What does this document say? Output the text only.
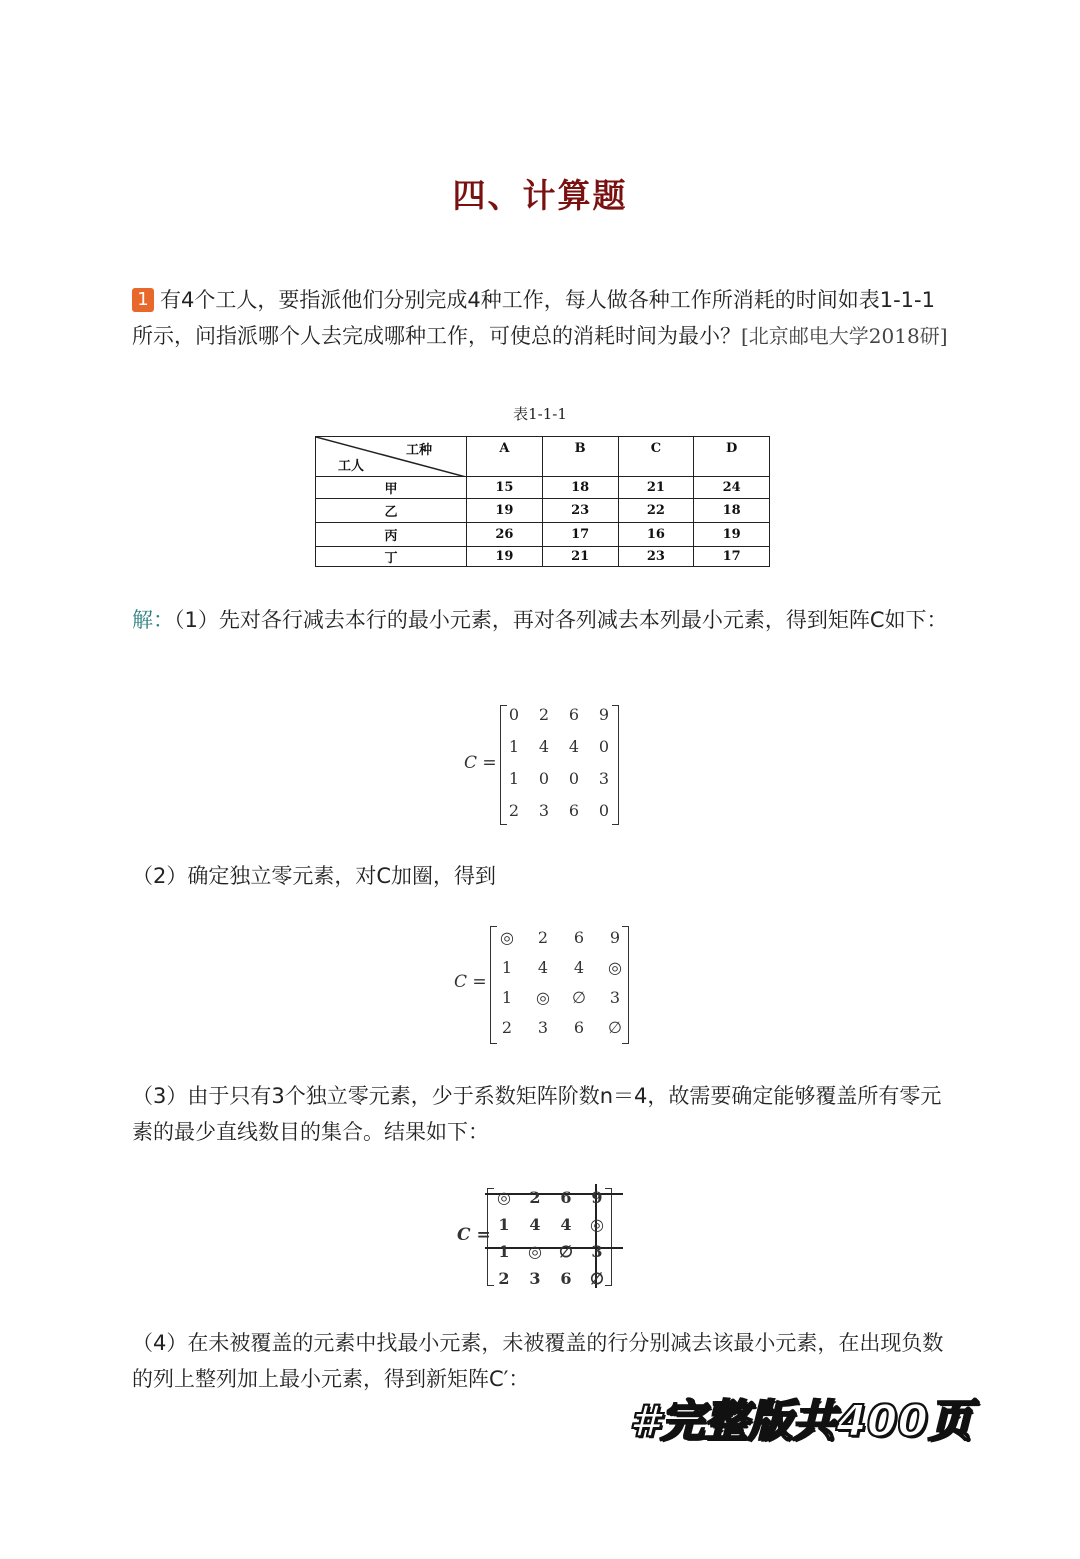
四、计算题
1 有4个工人，要指派他们分别完成4种工作，每人做各种工作所消耗的时间如表1-1-1所示，问指派哪个人去完成哪种工作，可使总的消耗时间为最小？[北京邮电大学2018研]
表1-1-1
工种
工人	A	B	C	D
甲	15	18	21	24
乙	19	23	22	18
丙	26	17	16	19
丁	19	21	23	17
解：（1）先对各行减去本行的最小元素，再对各列减去本列最小元素，得到矩阵C如下：
C =
0	2	6	9
1	4	4	0
1	0	0	3
2	3	6	0
（2）确定独立零元素，对C加圈，得到
C =
◎	2	6	9
1	4	4	◎
1	◎	∅	3
2	3	6	∅
（3）由于只有3个独立零元素，少于系数矩阵阶数n＝4，故需要确定能够覆盖所有零元素的最少直线数目的集合。结果如下：
C =
◎	2	6	9
1	4	4	◎
1	◎	∅	3
2	3	6	∅
（4）在未被覆盖的元素中找最小元素，未被覆盖的行分别减去该最小元素，在出现负数的列上整列加上最小元素，得到新矩阵C′：
#完整版共400页
